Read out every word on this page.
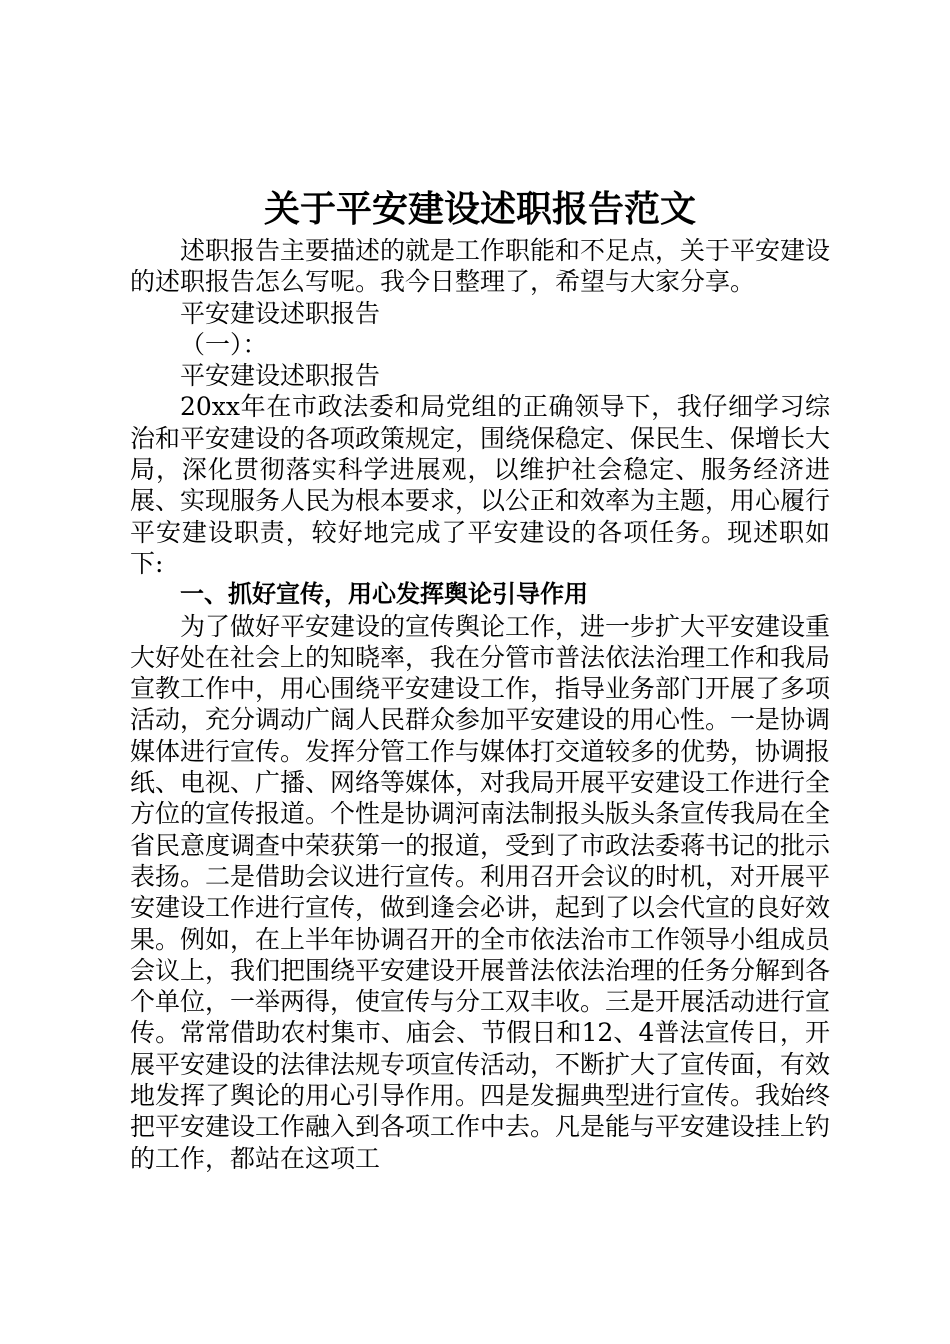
关于平安建设述职报告范文

述职报告主要描述的就是工作职能和不足点，关于平安建设的述职报告怎么写呢。我今日整理了，希望与大家分享。

平安建设述职报告

（一）：

平安建设述职报告

20xx年在市政法委和局党组的正确领导下，我仔细学习综治和平安建设的各项政策规定，围绕保稳定、保民生、保增长大局，深化贯彻落实科学进展观，以维护社会稳定、服务经济进展、实现服务人民为根本要求，以公正和效率为主题，用心履行平安建设职责，较好地完成了平安建设的各项任务。现述职如下:

一、抓好宣传，用心发挥舆论引导作用

为了做好平安建设的宣传舆论工作，进一步扩大平安建设重大好处在社会上的知晓率，我在分管市普法依法治理工作和我局宣教工作中，用心围绕平安建设工作，指导业务部门开展了多项活动，充分调动广阔人民群众参加平安建设的用心性。一是协调媒体进行宣传。发挥分管工作与媒体打交道较多的优势，协调报纸、电视、广播、网络等媒体，对我局开展平安建设工作进行全方位的宣传报道。个性是协调河南法制报头版头条宣传我局在全省民意度调查中荣获第一的报道，受到了市政法委蒋书记的批示表扬。二是借助会议进行宣传。利用召开会议的时机，对开展平安建设工作进行宣传，做到逢会必讲，起到了以会代宣的良好效果。例如，在上半年协调召开的全市依法治市工作领导小组成员会议上，我们把围绕平安建设开展普法依法治理的任务分解到各个单位，一举两得，使宣传与分工双丰收。三是开展活动进行宣传。常常借助农村集市、庙会、节假日和12、4普法宣传日，开展平安建设的法律法规专项宣传活动，不断扩大了宣传面，有效地发挥了舆论的用心引导作用。四是发掘典型进行宣传。我始终把平安建设工作融入到各项工作中去。凡是能与平安建设挂上钓的工作，都站在这项工
